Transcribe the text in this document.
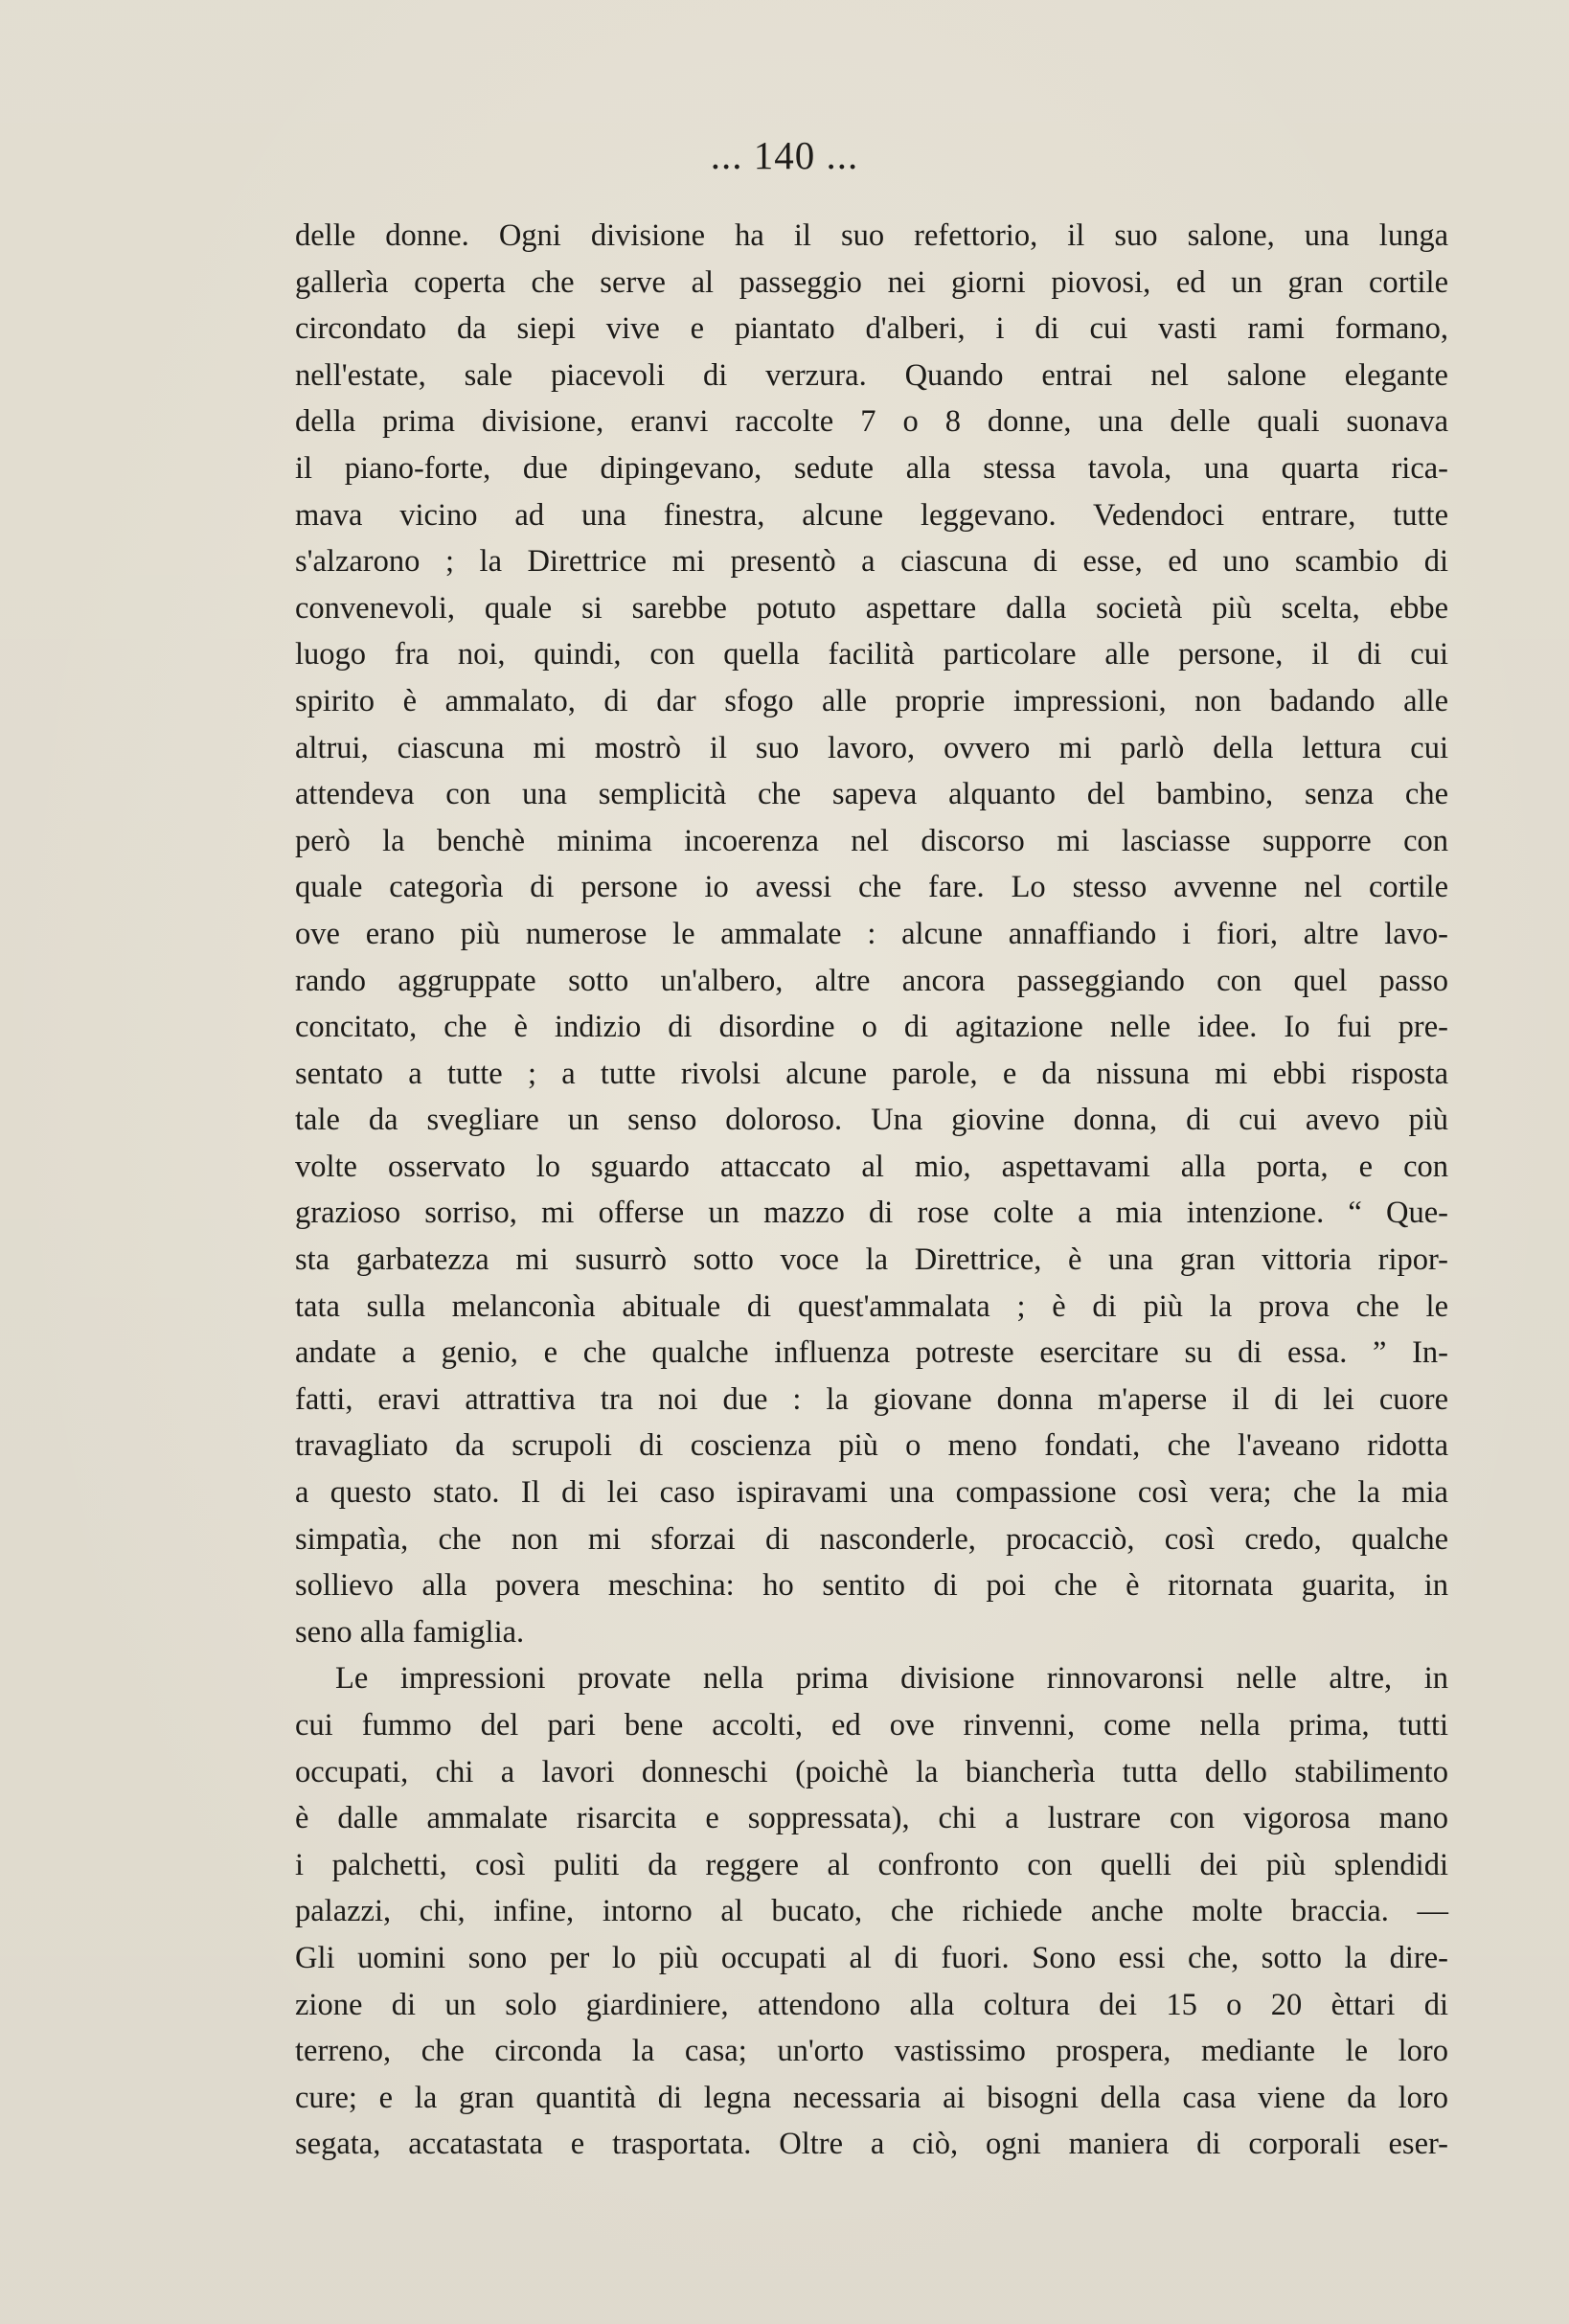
... 140 ...
delle donne. Ogni divisione ha il suo refettorio, il suo salone, una lunga
gallerìa coperta che serve al passeggio nei giorni piovosi, ed un gran cortile
circondato da siepi vive e piantato d'alberi, i di cui vasti rami formano,
nell'estate, sale piacevoli di verzura. Quando entrai nel salone elegante
della prima divisione, eranvi raccolte 7 o 8 donne, una delle quali suonava
il piano-forte, due dipingevano, sedute alla stessa tavola, una quarta rica-
mava vicino ad una finestra, alcune leggevano. Vedendoci entrare, tutte
s'alzarono ; la Direttrice mi presentò a ciascuna di esse, ed uno scambio di
convenevoli, quale si sarebbe potuto aspettare dalla società più scelta, ebbe
luogo fra noi, quindi, con quella facilità particolare alle persone, il di cui
spirito è ammalato, di dar sfogo alle proprie impressioni, non badando alle
altrui, ciascuna mi mostrò il suo lavoro, ovvero mi parlò della lettura cui
attendeva con una semplicità che sapeva alquanto del bambino, senza che
però la benchè minima incoerenza nel discorso mi lasciasse supporre con
quale categorìa di persone io avessi che fare. Lo stesso avvenne nel cortile
ove erano più numerose le ammalate : alcune annaffiando i fiori, altre lavo-
rando aggruppate sotto un'albero, altre ancora passeggiando con quel passo
concitato, che è indizio di disordine o di agitazione nelle idee. Io fui pre-
sentato a tutte ; a tutte rivolsi alcune parole, e da nissuna mi ebbi risposta
tale da svegliare un senso doloroso. Una giovine donna, di cui avevo più
volte osservato lo sguardo attaccato al mio, aspettavami alla porta, e con
grazioso sorriso, mi offerse un mazzo di rose colte a mia intenzione. “ Que-
sta garbatezza mi susurrò sotto voce la Direttrice, è una gran vittoria ripor-
tata sulla melanconìa abituale di quest'ammalata ; è di più la prova che le
andate a genio, e che qualche influenza potreste esercitare su di essa. ” In-
fatti, eravi attrattiva tra noi due : la giovane donna m'aperse il di lei cuore
travagliato da scrupoli di coscienza più o meno fondati, che l'aveano ridotta
a questo stato. Il di lei caso ispiravami una compassione così vera; che la mia
simpatìa, che non mi sforzai di nasconderle, procacciò, così credo, qualche
sollievo alla povera meschina: ho sentito di poi che è ritornata guarita, in
seno alla famiglia.
Le impressioni provate nella prima divisione rinnovaronsi nelle altre, in
cui fummo del pari bene accolti, ed ove rinvenni, come nella prima, tutti
occupati, chi a lavori donneschi (poichè la biancherìa tutta dello stabilimento
è dalle ammalate risarcita e soppressata), chi a lustrare con vigorosa mano
i palchetti, così puliti da reggere al confronto con quelli dei più splendidi
palazzi, chi, infine, intorno al bucato, che richiede anche molte braccia. —
Gli uomini sono per lo più occupati al di fuori. Sono essi che, sotto la dire-
zione di un solo giardiniere, attendono alla coltura dei 15 o 20 èttari di
terreno, che circonda la casa; un'orto vastissimo prospera, mediante le loro
cure; e la gran quantità di legna necessaria ai bisogni della casa viene da loro
segata, accatastata e trasportata. Oltre a ciò, ogni maniera di corporali eser-
